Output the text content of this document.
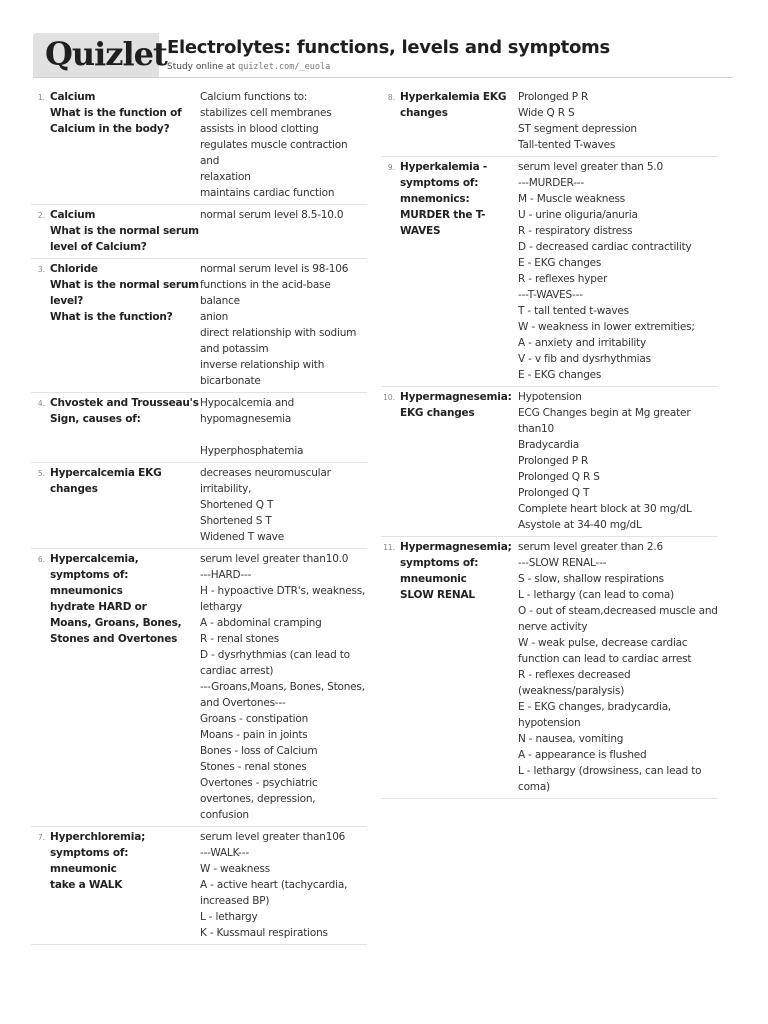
Quizlet Electrolytes: functions, levels and symptoms
Study online at quizlet.com/_euola
1. Calcium
What is the function of
Calcium in the body?
Calcium functions to:
stabilizes cell membranes
assists in blood clotting
regulates muscle contraction and
relaxation
maintains cardiac function
2. Calcium
What is the normal serum
level of Calcium?
normal serum level 8.5-10.0
3. Chloride
What is the normal serum
level?
What is the function?
normal serum level is 98-106
functions in the acid-base
balance
anion
direct relationship with sodium
and potassim
inverse relationship with
bicarbonate
4. Chvostek and Trousseau's
Sign, causes of:
Hypocalcemia and
hypomagnesemia
Hyperphosphatemia
5. Hypercalcemia EKG
changes
decreases neuromuscular
irritability,
Shortened Q T
Shortened S T
Widened T wave
6. Hypercalcemia,
symptoms of:
mneumonics
hydrate HARD or
Moans, Groans, Bones,
Stones and Overtones
serum level greater than10.0
---HARD---
H - hypoactive DTR's, weakness,
lethargy
A - abdominal cramping
R - renal stones
D - dysrhythmias (can lead to
cardiac arrest)
---Groans,Moans, Bones, Stones,
and Overtones---
Groans - constipation
Moans - pain in joints
Bones - loss of Calcium
Stones - renal stones
Overtones - psychiatric
overtones, depression, confusion
7. Hyperchloremia;
symptoms of:
mneumonic
take a WALK
serum level greater than106
---WALK---
W - weakness
A - active heart (tachycardia,
increased BP)
L - lethargy
K - Kussmaul respirations
8. Hyperkalemia EKG
changes
Prolonged P R
Wide Q R S
ST segment depression
Tall-tented T-waves
9. Hyperkalemia -
symptoms of:
mnemonics:
MURDER the T-
WAVES
serum level greater than 5.0
---MURDER---
M - Muscle weakness
U - urine oliguria/anuria
R - respiratory distress
D - decreased cardiac contractility
E - EKG changes
R - reflexes hyper
---T-WAVES---
T - tall tented t-waves
W - weakness in lower extremities;
A - anxiety and irritability
V - v fib and dysrhythmias
E - EKG changes
10. Hypermagnesemia:
EKG changes
Hypotension
ECG Changes begin at Mg greater
than10
Bradycardia
Prolonged P R
Prolonged Q R S
Prolonged Q T
Complete heart block at 30 mg/dL
Asystole at 34-40 mg/dL
11. Hypermagnesemia;
symptoms of:
mneumonic
SLOW RENAL
serum level greater than 2.6
---SLOW RENAL---
S - slow, shallow respirations
L - lethargy (can lead to coma)
O - out of steam,decreased muscle and
nerve activity
W - weak pulse, decrease cardiac
function can lead to cardiac arrest
R - reflexes decreased
(weakness/paralysis)
E - EKG changes, bradycardia,
hypotension
N - nausea, vomiting
A - appearance is flushed
L - lethargy (drowsiness, can lead to
coma)
